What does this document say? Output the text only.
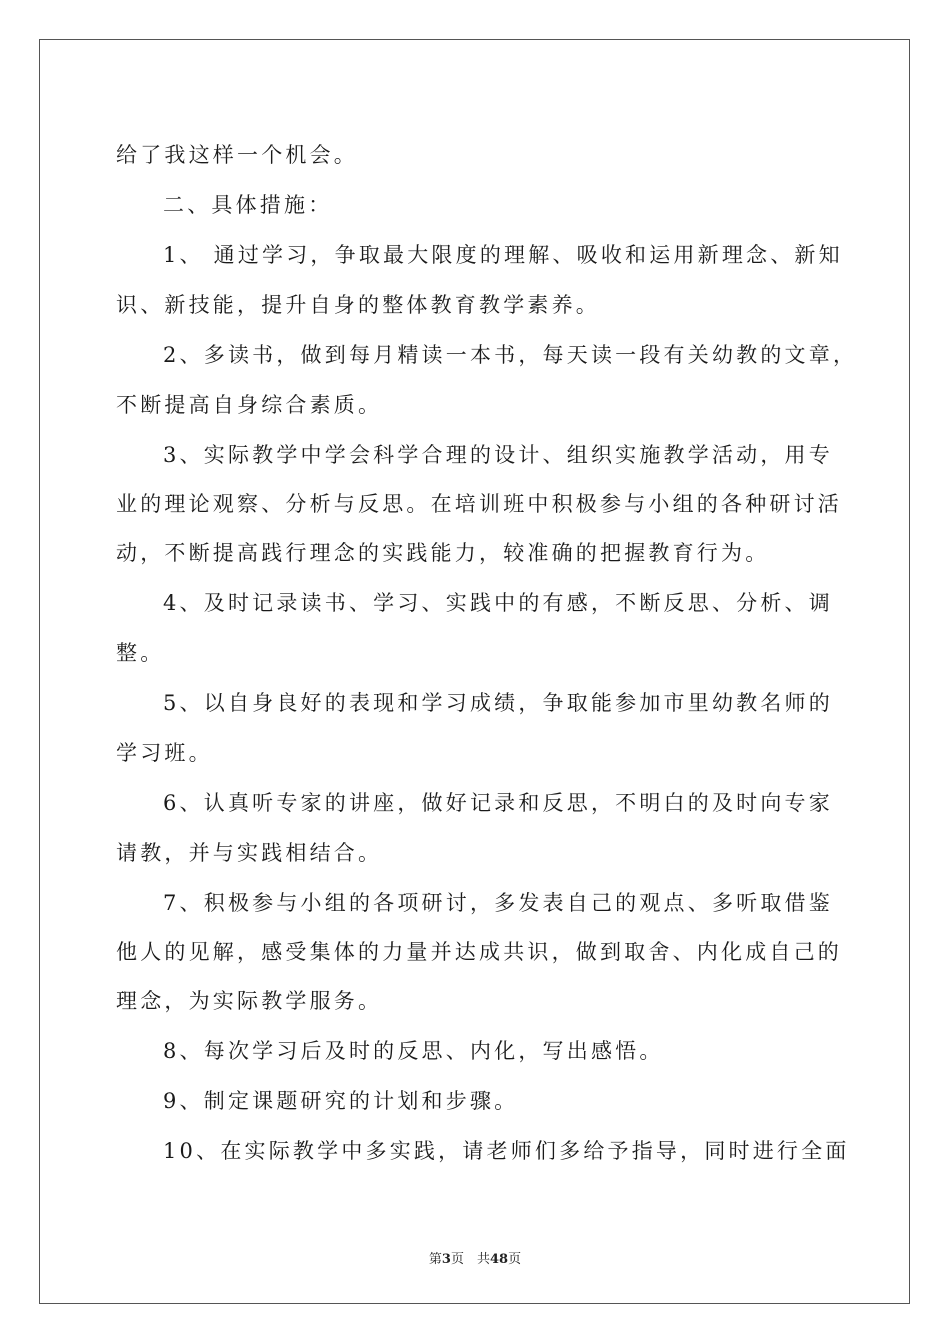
给了我这样一个机会。
二、具体措施：
1、 通过学习，争取最大限度的理解、吸收和运用新理念、新知
识、新技能，提升自身的整体教育教学素养。
2、多读书，做到每月精读一本书，每天读一段有关幼教的文章，
不断提高自身综合素质。
3、实际教学中学会科学合理的设计、组织实施教学活动，用专
业的理论观察、分析与反思。在培训班中积极参与小组的各种研讨活
动，不断提高践行理念的实践能力，较准确的把握教育行为。
4、及时记录读书、学习、实践中的有感，不断反思、分析、调
整。
5、以自身良好的表现和学习成绩，争取能参加市里幼教名师的
学习班。
6、认真听专家的讲座，做好记录和反思，不明白的及时向专家
请教，并与实践相结合。
7、积极参与小组的各项研讨，多发表自己的观点、多听取借鉴
他人的见解，感受集体的力量并达成共识，做到取舍、内化成自己的
理念，为实际教学服务。
8、每次学习后及时的反思、内化，写出感悟。
9、制定课题研究的计划和步骤。
10、在实际教学中多实践，请老师们多给予指导，同时进行全面
第3页　共48页
